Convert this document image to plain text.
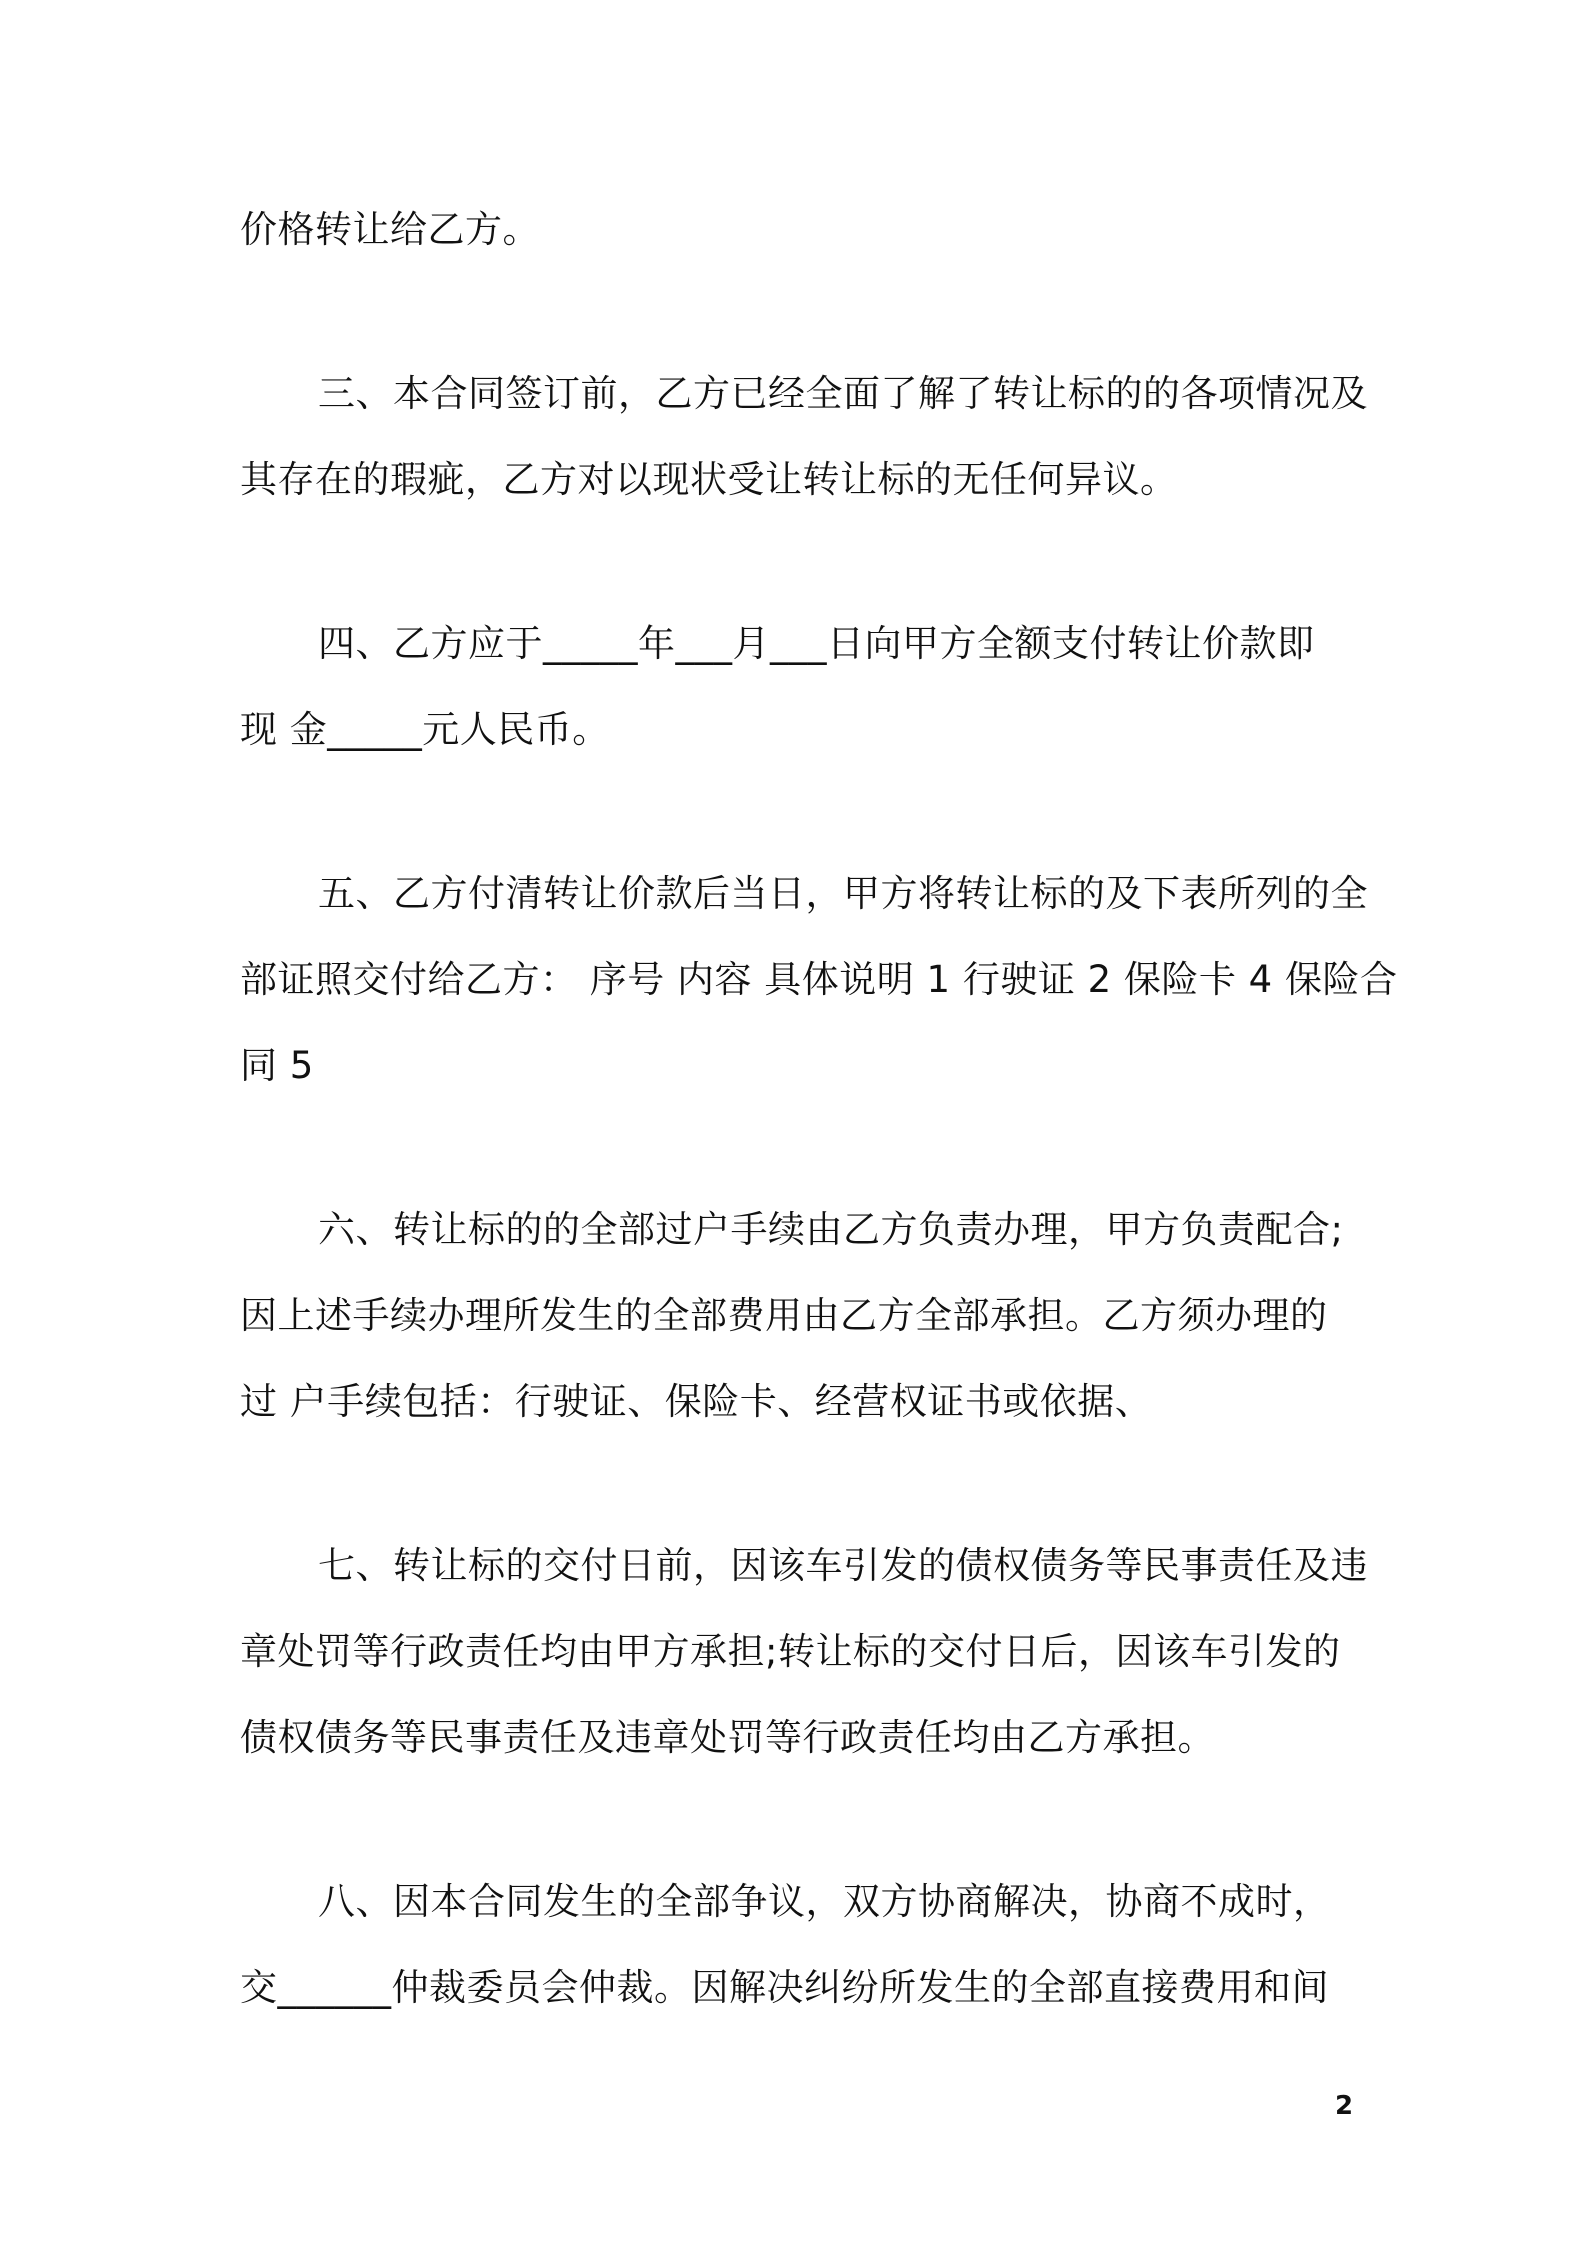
价格转让给乙方。
三、本合同签订前，乙方已经全面了解了转让标的的各项情况及
其存在的瑕疵，乙方对以现状受让转让标的无任何异议。
四、乙方应于_____年___月___日向甲方全额支付转让价款即
现 金_____元人民币。
五、乙方付清转让价款后当日，甲方将转让标的及下表所列的全
部证照交付给乙方： 序号 内容 具体说明 1 行驶证 2 保险卡 4 保险合
同 5
六、转让标的的全部过户手续由乙方负责办理，甲方负责配合;
因上述手续办理所发生的全部费用由乙方全部承担。乙方须办理的
过 户手续包括：行驶证、保险卡、经营权证书或依据、
七、转让标的交付日前，因该车引发的债权债务等民事责任及违
章处罚等行政责任均由甲方承担;转让标的交付日后，因该车引发的
债权债务等民事责任及违章处罚等行政责任均由乙方承担。
八、因本合同发生的全部争议，双方协商解决，协商不成时，
交______仲裁委员会仲裁。因解决纠纷所发生的全部直接费用和间
2
